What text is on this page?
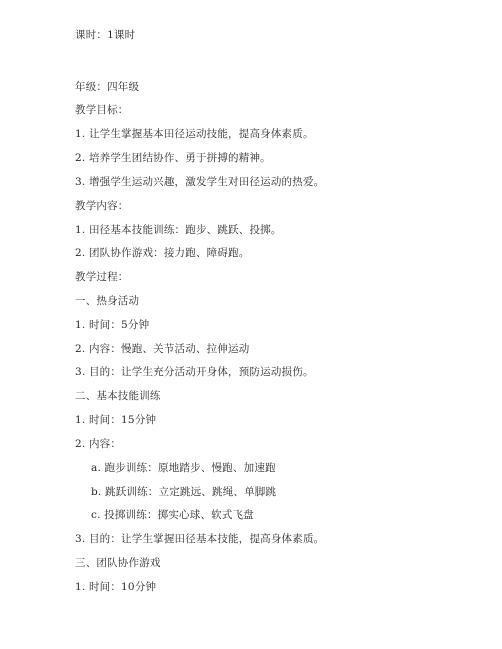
课时：1课时
年级：四年级
教学目标：
1. 让学生掌握基本田径运动技能，提高身体素质。
2. 培养学生团结协作、勇于拼搏的精神。
3. 增强学生运动兴趣，激发学生对田径运动的热爱。
教学内容：
1. 田径基本技能训练：跑步、跳跃、投掷。
2. 团队协作游戏：接力跑、障碍跑。
教学过程：
一、热身活动
1. 时间：5分钟
2. 内容：慢跑、关节活动、拉伸运动
3. 目的：让学生充分活动开身体，预防运动损伤。
二、基本技能训练
1. 时间：15分钟
2. 内容：
a. 跑步训练：原地踏步、慢跑、加速跑
b. 跳跃训练：立定跳远、跳绳、单脚跳
c. 投掷训练：掷实心球、软式飞盘
3. 目的：让学生掌握田径基本技能，提高身体素质。
三、团队协作游戏
1. 时间：10分钟
